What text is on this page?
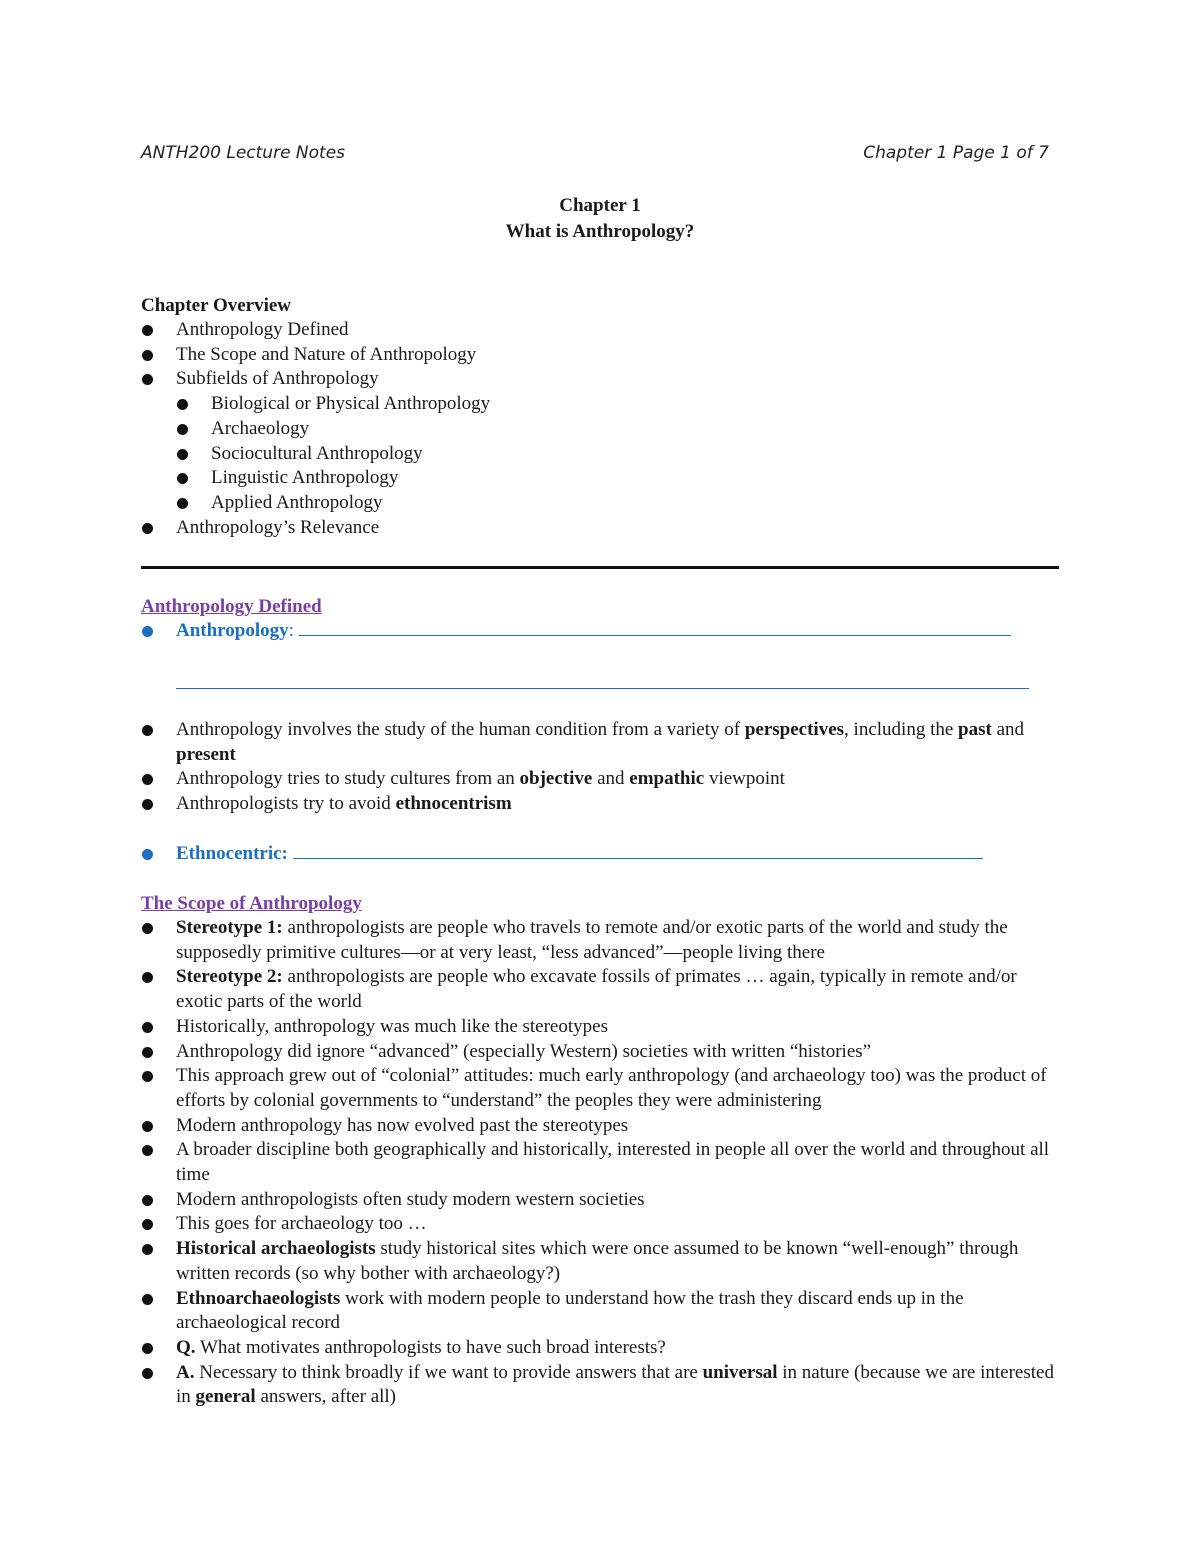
ANTH200 Lecture Notes	Chapter 1 Page 1 of 7
Chapter 1
What is Anthropology?
Chapter Overview
Anthropology Defined
The Scope and Nature of Anthropology
Subfields of Anthropology
Biological or Physical Anthropology
Archaeology
Sociocultural Anthropology
Linguistic Anthropology
Applied Anthropology
Anthropology’s Relevance
Anthropology Defined
Anthropology:
Anthropology involves the study of the human condition from a variety of perspectives, including the past and present
Anthropology tries to study cultures from an objective and empathic viewpoint
Anthropologists try to avoid ethnocentrism
Ethnocentric:
The Scope of Anthropology
Stereotype 1: anthropologists are people who travels to remote and/or exotic parts of the world and study the supposedly primitive cultures—or at very least, “less advanced”—people living there
Stereotype 2: anthropologists are people who excavate fossils of primates … again, typically in remote and/or exotic parts of the world
Historically, anthropology was much like the stereotypes
Anthropology did ignore “advanced” (especially Western) societies with written “histories”
This approach grew out of “colonial” attitudes: much early anthropology (and archaeology too) was the product of efforts by colonial governments to “understand” the peoples they were administering
Modern anthropology has now evolved past the stereotypes
A broader discipline both geographically and historically, interested in people all over the world and throughout all time
Modern anthropologists often study modern western societies
This goes for archaeology too …
Historical archaeologists study historical sites which were once assumed to be known “well-enough” through written records (so why bother with archaeology?)
Ethnoarchaeologists work with modern people to understand how the trash they discard ends up in the archaeological record
Q. What motivates anthropologists to have such broad interests?
A. Necessary to think broadly if we want to provide answers that are universal in nature (because we are interested in general answers, after all)
